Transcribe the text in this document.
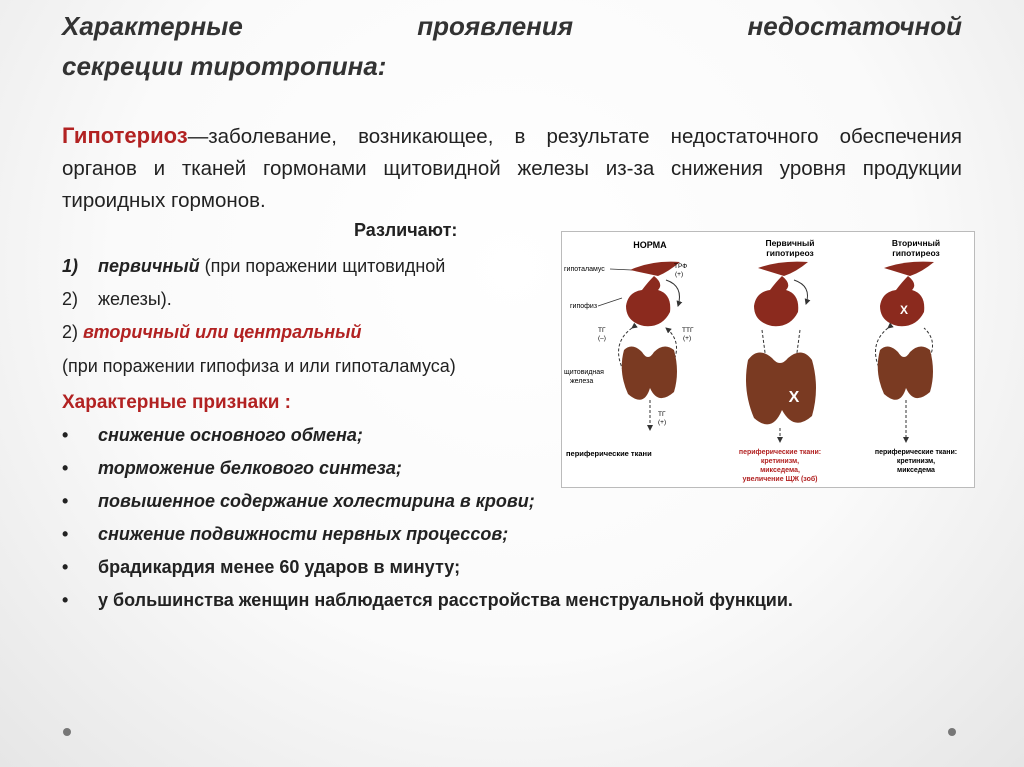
Характерные	проявления	недостаточной
секреции тиротропина:
Гипотериоз—заболевание, возникающее, в результате недостаточного обеспечения органов и тканей гормонами щитовидной железы из-за снижения уровня продукции тироидных гормонов.
Различают:
1) первичный (при поражении щитовидной
2) железы).
2) вторичный или центральный
(при поражении гипофиза и или гипоталамуса)
Характерные признаки :
• снижение основного обмена;
• торможение белкового синтеза;
• повышенное содержание холестирина в крови;
• снижение подвижности нервных процессов;
• брадикардия менее 60 ударов в минуту;
• у большинства женщин наблюдается расстройства менструальной функции.
НОРМА	Первичный
гипотиреоз
Вторичный
гипотиреоз
гипоталамус
гипофиз
щитовидная
железа
ТРФ
(+)
ТГ
(–)
ТТГ
(+)
ТГ
(+)
периферические ткани
X
периферические ткани:
кретинизм,
микседема,
увеличение ЩЖ (зоб)
X
периферические ткани:
кретинизм,
микседема
